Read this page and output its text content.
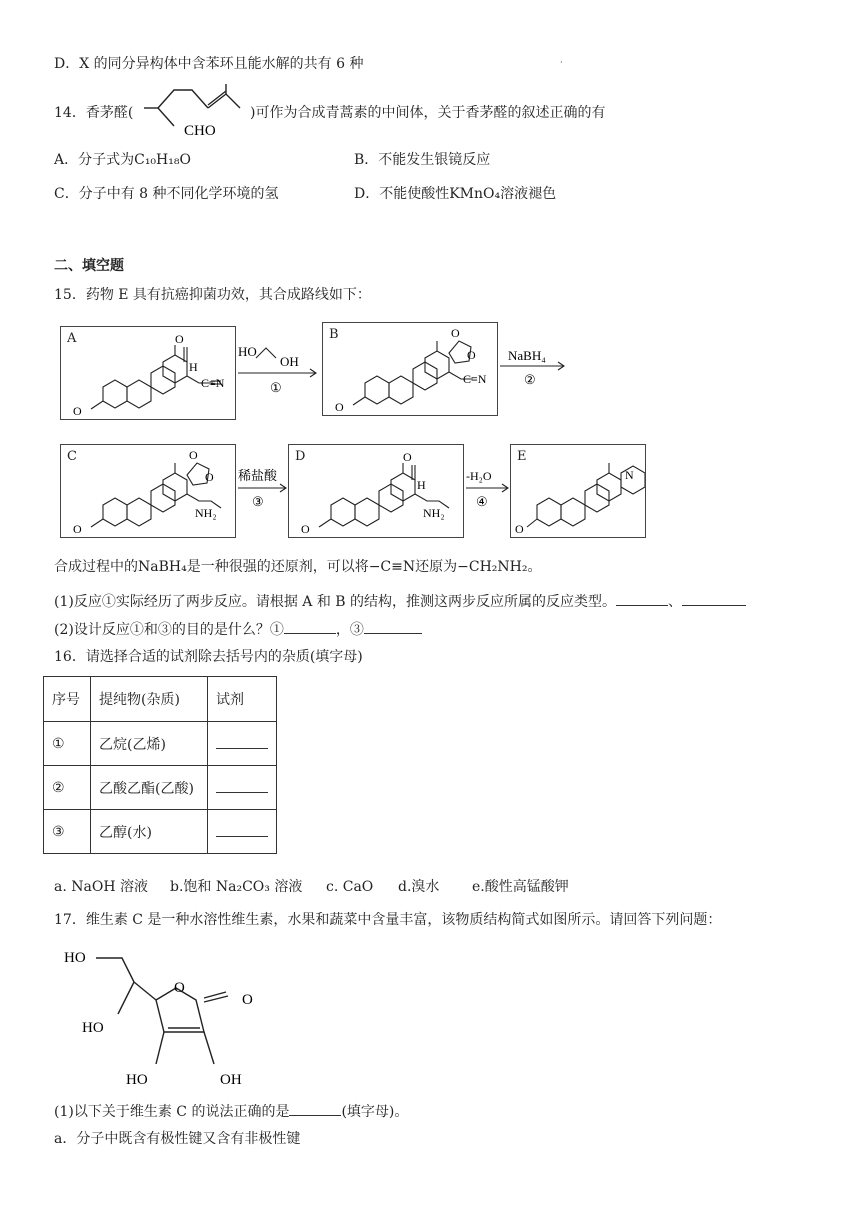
D．X 的同分异构体中含苯环且能水解的共有 6 种	·
14．香茅醛(
CHO
)可作为合成青蒿素的中间体，关于香茅醛的叙述正确的有
A．分子式为C₁₀H₁₈O	B．不能发生银镜反应
C．分子中有 8 种不同化学环境的氢	D．不能使酸性KMnO₄溶液褪色
二、填空题
15．药物 E 具有抗癌抑菌功效，其合成路线如下：
A	O
H
C≡N
O
HO
OH
①
B	O
O
C≡N
O
NaBH₄
②
C	O
O
NH₂
O
稀盐酸
③
D	O
H
NH₂
O
-H₂O
④
E
N
O
合成过程中的NaBH₄是一种很强的还原剂，可以将−C≡N还原为−CH₂NH₂。
(1)反应①实际经历了两步反应。请根据 A 和 B 的结构，推测这两步反应所属的反应类型。	、
(2)设计反应①和③的目的是什么？①	，③
16．请选择合适的试剂除去括号内的杂质(填字母)
序号	提纯物(杂质)	试剂
①	乙烷(乙烯)	
②	乙酸乙酯(乙酸)	
③	乙醇(水)	
a. NaOH 溶液 b.饱和 Na₂CO₃ 溶液 c. CaO d.溴水 e.酸性高锰酸钾
17．维生素 C 是一种水溶性维生素，水果和蔬菜中含量丰富，该物质结构简式如图所示。请回答下列问题：
HO
HO
O
O
HO	OH
(1)以下关于维生素 C 的说法正确的是	(填字母)。
a．分子中既含有极性键又含有非极性键
